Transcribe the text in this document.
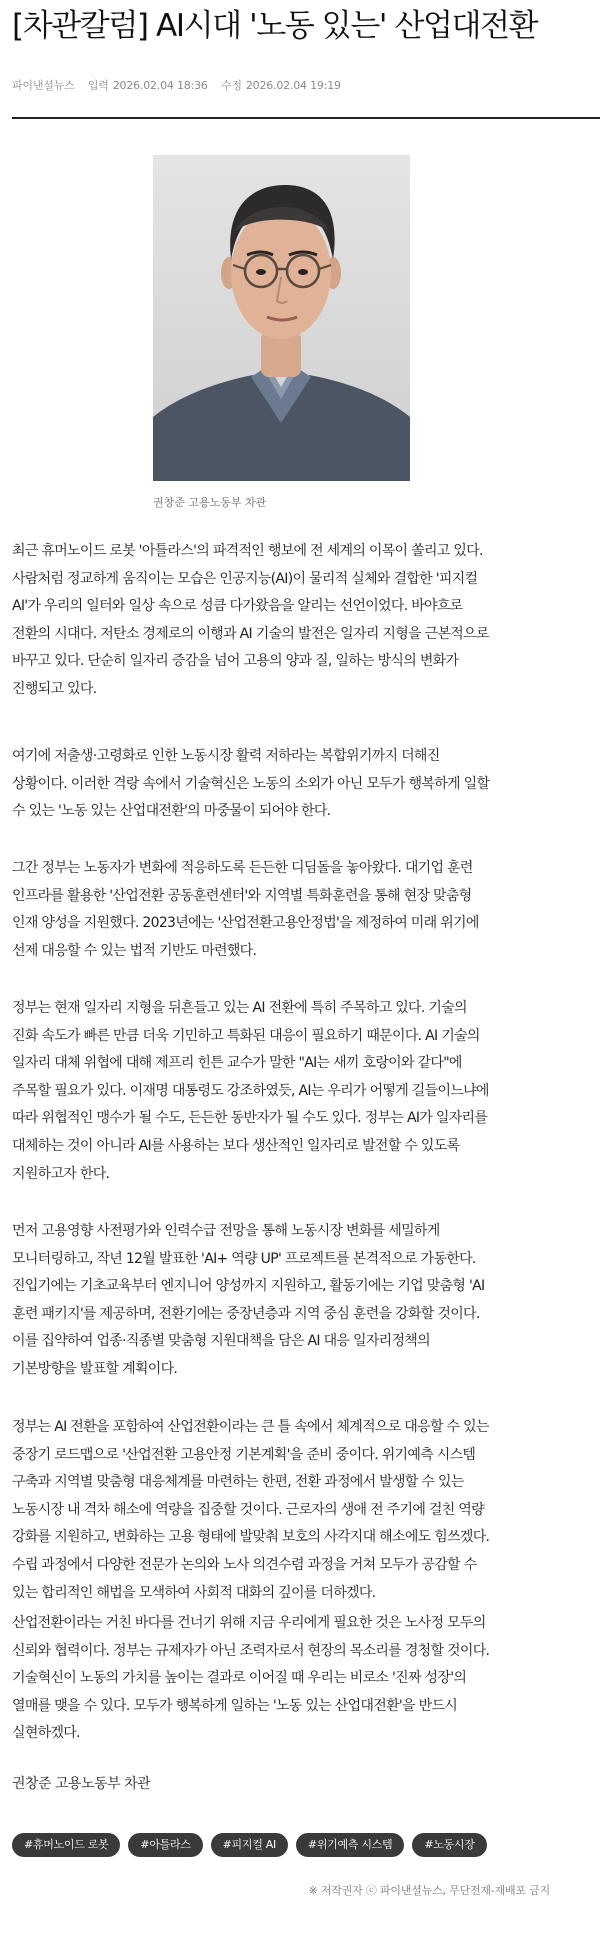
[차관칼럼] AI시대 '노동 있는' 산업대전환
파이낸셜뉴스 입력 2026.02.04 18:36 수정 2026.02.04 19:19
권창준 고용노동부 차관
최근 휴머노이드 로봇 '아틀라스'의 파격적인 행보에 전 세계의 이목이 쏠리고 있다.
사람처럼 정교하게 움직이는 모습은 인공지능(AI)이 물리적 실체와 결합한 '피지컬
AI'가 우리의 일터와 일상 속으로 성큼 다가왔음을 알리는 선언이었다. 바야흐로
전환의 시대다. 저탄소 경제로의 이행과 AI 기술의 발전은 일자리 지형을 근본적으로
바꾸고 있다. 단순히 일자리 증감을 넘어 고용의 양과 질, 일하는 방식의 변화가
진행되고 있다.
여기에 저출생·고령화로 인한 노동시장 활력 저하라는 복합위기까지 더해진
상황이다. 이러한 격랑 속에서 기술혁신은 노동의 소외가 아닌 모두가 행복하게 일할
수 있는 '노동 있는 산업대전환'의 마중물이 되어야 한다.
그간 정부는 노동자가 변화에 적응하도록 든든한 디딤돌을 놓아왔다. 대기업 훈련
인프라를 활용한 '산업전환 공동훈련센터'와 지역별 특화훈련을 통해 현장 맞춤형
인재 양성을 지원했다. 2023년에는 '산업전환고용안정법'을 제정하여 미래 위기에
선제 대응할 수 있는 법적 기반도 마련했다.
정부는 현재 일자리 지형을 뒤흔들고 있는 AI 전환에 특히 주목하고 있다. 기술의
진화 속도가 빠른 만큼 더욱 기민하고 특화된 대응이 필요하기 때문이다. AI 기술의
일자리 대체 위협에 대해 제프리 힌튼 교수가 말한 "AI는 새끼 호랑이와 같다"에
주목할 필요가 있다. 이재명 대통령도 강조하였듯, AI는 우리가 어떻게 길들이느냐에
따라 위협적인 맹수가 될 수도, 든든한 동반자가 될 수도 있다. 정부는 AI가 일자리를
대체하는 것이 아니라 AI를 사용하는 보다 생산적인 일자리로 발전할 수 있도록
지원하고자 한다.
먼저 고용영향 사전평가와 인력수급 전망을 통해 노동시장 변화를 세밀하게
모니터링하고, 작년 12월 발표한 'AI+ 역량 UP' 프로젝트를 본격적으로 가동한다.
진입기에는 기초교육부터 엔지니어 양성까지 지원하고, 활동기에는 기업 맞춤형 'AI
훈련 패키지'를 제공하며, 전환기에는 중장년층과 지역 중심 훈련을 강화할 것이다.
이를 집약하여 업종·직종별 맞춤형 지원대책을 담은 AI 대응 일자리정책의
기본방향을 발표할 계획이다.
정부는 AI 전환을 포함하여 산업전환이라는 큰 틀 속에서 체계적으로 대응할 수 있는
중장기 로드맵으로 '산업전환 고용안정 기본계획'을 준비 중이다. 위기예측 시스템
구축과 지역별 맞춤형 대응체계를 마련하는 한편, 전환 과정에서 발생할 수 있는
노동시장 내 격차 해소에 역량을 집중할 것이다. 근로자의 생애 전 주기에 걸친 역량
강화를 지원하고, 변화하는 고용 형태에 발맞춰 보호의 사각지대 해소에도 힘쓰겠다.
수립 과정에서 다양한 전문가 논의와 노사 의견수렴 과정을 거쳐 모두가 공감할 수
있는 합리적인 해법을 모색하여 사회적 대화의 깊이를 더하겠다.
산업전환이라는 거친 바다를 건너기 위해 지금 우리에게 필요한 것은 노사정 모두의
신뢰와 협력이다. 정부는 규제자가 아닌 조력자로서 현장의 목소리를 경청할 것이다.
기술혁신이 노동의 가치를 높이는 결과로 이어질 때 우리는 비로소 '진짜 성장'의
열매를 맺을 수 있다. 모두가 행복하게 일하는 '노동 있는 산업대전환'을 반드시
실현하겠다.
권창준 고용노동부 차관
#휴머노이드 로봇	#아틀라스	#피지컬 AI	#위기예측 시스템	#노동시장
※ 저작권자 ⓒ 파이낸셜뉴스, 무단전재-재배포 금지
